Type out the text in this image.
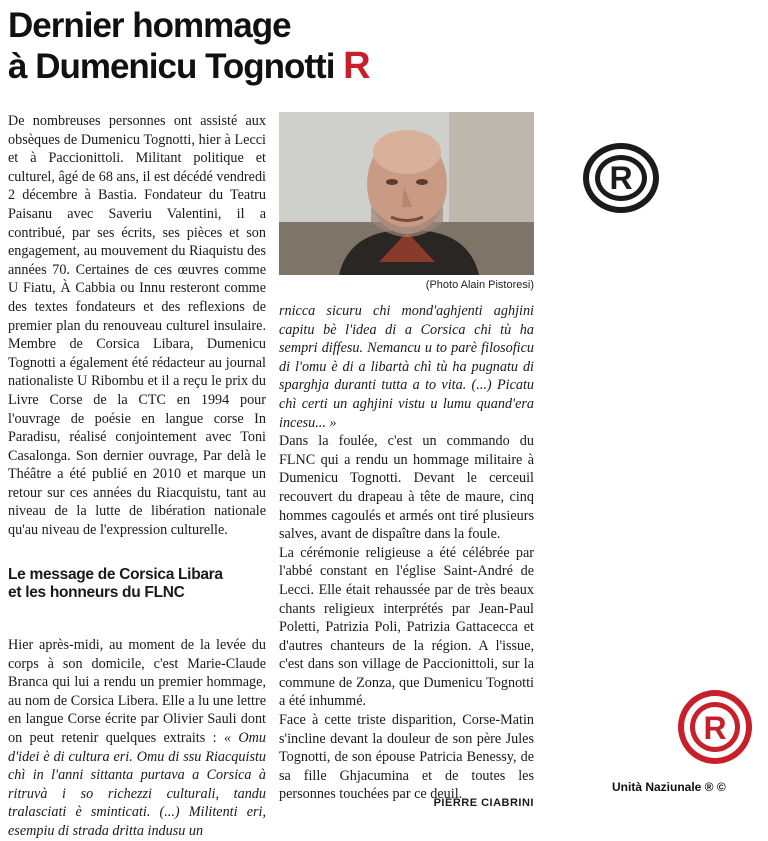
Dernier hommage
à Dumenicu Tognotti R

De nombreuses personnes ont assisté aux obsèques de Dumenicu Tognotti, hier à Lecci et à Paccionittoli. Militant politique et culturel, âgé de 68 ans, il est décédé vendredi 2 décembre à Bastia. Fondateur du Teatru Paisanu avec Saveriu Valentini, il a contribué, par ses écrits, ses pièces et son engagement, au mouvement du Riaquistu des années 70. Certaines de ces œuvres comme U Fiatu, À Cabbia ou Innu resteront comme des textes fondateurs et des reflexions de premier plan du renouveau culturel insulaire. Membre de Corsica Libara, Dumenicu Tognotti a également été rédacteur au journal nationaliste U Ribombu et il a reçu le prix du Livre Corse de la CTC en 1994 pour l'ouvrage de poésie en langue corse In Paradisu, réalisé conjointement avec Toni Casalonga. Son dernier ouvrage, Par delà le Théâtre a été publié en 2010 et marque un retour sur ces années du Riacquistu, tant au niveau de la lutte de libération nationale qu'au niveau de l'expression culturelle.

Le message de Corsica Libara
et les honneurs du FLNC
Hier après-midi, au moment de la levée du corps à son domicile, c'est Marie-Claude Branca qui lui a rendu un premier hommage, au nom de Corsica Libera. Elle a lu une lettre en langue Corse écrite par Olivier Sauli dont on peut retenir quelques extraits : « Omu d'idei è di cultura eri. Omu di ssu Riacquistu chì in l'anni sittanta purtava a Corsica à ritruvà i so richezzi culturali, tandu tralasciati è sminticati. (...) Militenti eri, esempiu di strada dritta indusu un
(Photo Alain Pistoresi)

rnicca sicuru chi mond'aghjenti aghjini capitu bè l'idea di a Corsica chi tù ha sempri diffesu. Nemancu u to parè filosoficu di l'omu è di a libartà chì tù ha pugnatu di sparghja duranti tutta a to vita. (...) Picatu chì certi un aghjini vistu u lumu quand'era incesu... »

Dans la foulée, c'est un commando du FLNC qui a rendu un hommage militaire à Dumenicu Tognotti. Devant le cerceuil recouvert du drapeau à tête de maure, cinq hommes cagoulés et armés ont tiré plusieurs salves, avant de dispaître dans la foule.

La cérémonie religieuse a été célébrée par l'abbé constant en l'église Saint-André de Lecci. Elle était rehaussée par de très beaux chants religieux interprétés par Jean-Paul Poletti, Patrizia Poli, Patrizia Gattacecca et d'autres chanteurs de la région. A l'issue, c'est dans son village de Paccionittoli, sur la commune de Zonza, que Dumenicu Tognotti a été inhummé.

Face à cette triste disparition, Corse-Matin s'incline devant la douleur de son père Jules Tognotti, de son épouse Patricia Benessy, de sa fille Ghjacumina et de toutes les personnes touchées par ce deuil.

PIERRE CIABRINI
R
R
Unità Naziunale ® ©
